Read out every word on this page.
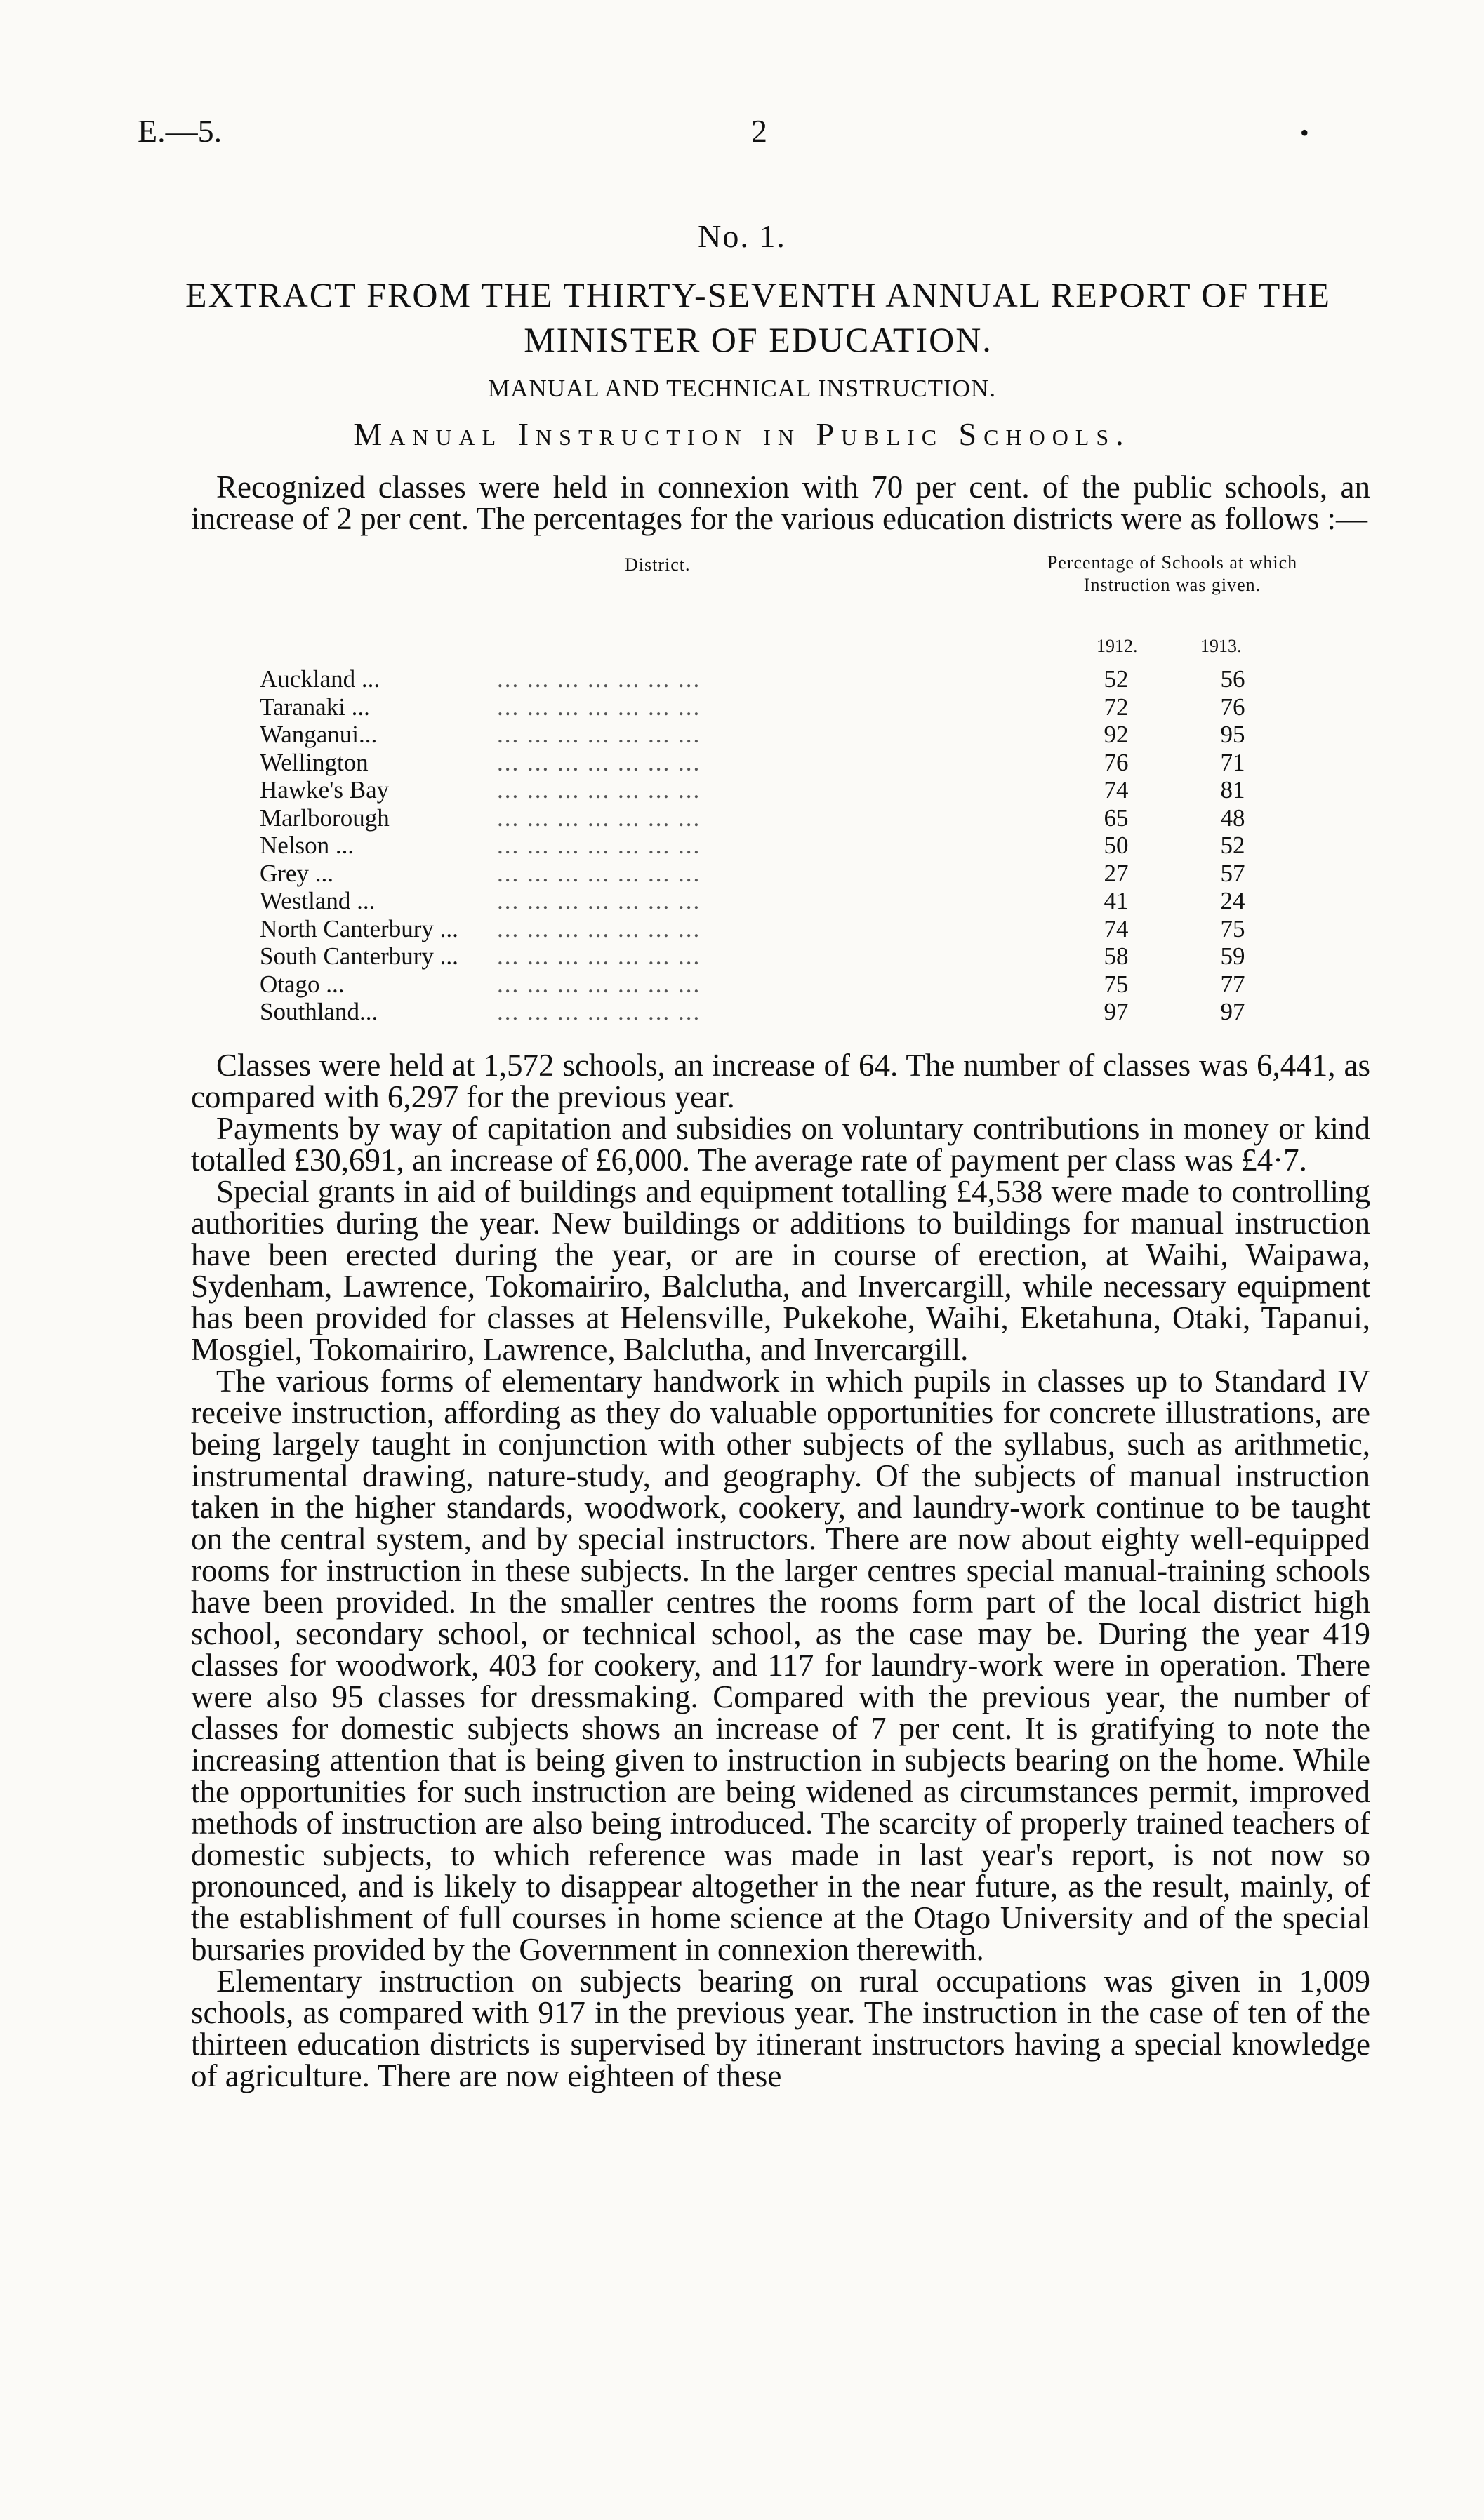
E.—5.	2	•
No. 1.
EXTRACT FROM THE THIRTY-SEVENTH ANNUAL REPORT OF THE MINISTER OF EDUCATION.
MANUAL AND TECHNICAL INSTRUCTION.
Manual Instruction in Public Schools.

Recognized classes were held in connexion with 70 per cent. of the public schools, an increase of 2 per cent. The percentages for the various education districts were as follows :—

District.	Percentage of Schools at which Instruction was given.
1912.	1913.
Auckland ...	... ... ... ... ... ... ...	52	56
Taranaki ...	... ... ... ... ... ... ...	72	76
Wanganui...	... ... ... ... ... ... ...	92	95
Wellington	... ... ... ... ... ... ...	76	71
Hawke's Bay	... ... ... ... ... ... ...	74	81
Marlborough	... ... ... ... ... ... ...	65	48
Nelson ...	... ... ... ... ... ... ...	50	52
Grey ...	... ... ... ... ... ... ...	27	57
Westland ...	... ... ... ... ... ... ...	41	24
North Canterbury ... ... ... ... ... ... ... ...	74	75
South Canterbury ... ... ... ... ... ... ... ...	58	59
Otago ...	... ... ... ... ... ... ...	75	77
Southland...	... ... ... ... ... ... ...	97	97

Classes were held at 1,572 schools, an increase of 64. The number of classes was 6,441, as compared with 6,297 for the previous year.

Payments by way of capitation and subsidies on voluntary contributions in money or kind totalled £30,691, an increase of £6,000. The average rate of payment per class was £4·7.

Special grants in aid of buildings and equipment totalling £4,538 were made to controlling authorities during the year. New buildings or additions to buildings for manual instruction have been erected during the year, or are in course of erection, at Waihi, Waipawa, Sydenham, Lawrence, Tokomairiro, Balclutha, and Invercargill, while necessary equipment has been provided for classes at Helensville, Pukekohe, Waihi, Eketahuna, Otaki, Tapanui, Mosgiel, Tokomairiro, Lawrence, Balclutha, and Invercargill.

The various forms of elementary handwork in which pupils in classes up to Standard IV receive instruction, affording as they do valuable opportunities for concrete illustrations, are being largely taught in conjunction with other subjects of the syllabus, such as arithmetic, instrumental drawing, nature-study, and geography. Of the subjects of manual instruction taken in the higher standards, woodwork, cookery, and laundry-work continue to be taught on the central system, and by special instructors. There are now about eighty well-equipped rooms for instruction in these subjects. In the larger centres special manual-training schools have been provided. In the smaller centres the rooms form part of the local district high school, secondary school, or technical school, as the case may be. During the year 419 classes for woodwork, 403 for cookery, and 117 for laundry-work were in operation. There were also 95 classes for dressmaking. Compared with the previous year, the number of classes for domestic subjects shows an increase of 7 per cent. It is gratifying to note the increasing attention that is being given to instruction in subjects bearing on the home. While the opportunities for such instruction are being widened as circumstances permit, improved methods of instruction are also being introduced. The scarcity of properly trained teachers of domestic subjects, to which reference was made in last year's report, is not now so pronounced, and is likely to disappear altogether in the near future, as the result, mainly, of the establishment of full courses in home science at the Otago University and of the special bursaries provided by the Government in connexion therewith.

Elementary instruction on subjects bearing on rural occupations was given in 1,009 schools, as compared with 917 in the previous year. The instruction in the case of ten of the thirteen education districts is supervised by itinerant instructors having a special knowledge of agriculture. There are now eighteen of these
